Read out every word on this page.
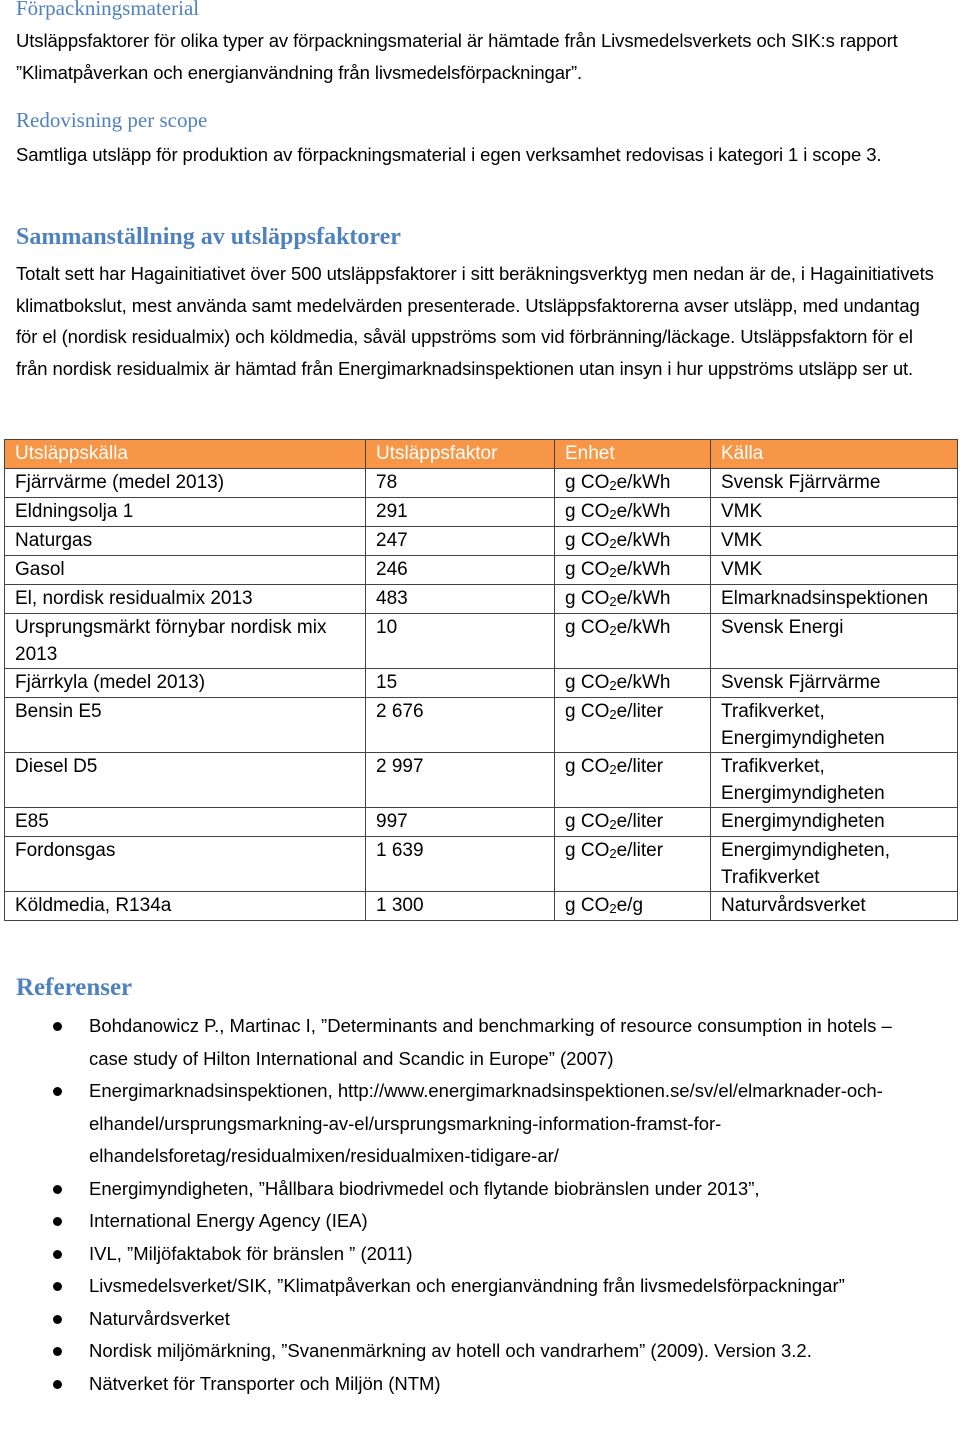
Förpackningsmaterial

Utsläppsfaktorer för olika typer av förpackningsmaterial är hämtade från Livsmedelsverkets och SIK:s rapport ”Klimatpåverkan och energianvändning från livsmedelsförpackningar”.

Redovisning per scope

Samtliga utsläpp för produktion av förpackningsmaterial i egen verksamhet redovisas i kategori 1 i scope 3.

Sammanställning av utsläppsfaktorer

Totalt sett har Hagainitiativet över 500 utsläppsfaktorer i sitt beräkningsverktyg men nedan är de, i Hagainitiativets klimatbokslut, mest använda samt medelvärden presenterade. Utsläppsfaktorerna avser utsläpp, med undantag för el (nordisk residualmix) och köldmedia, såväl uppströms som vid förbränning/läckage. Utsläppsfaktorn för el från nordisk residualmix är hämtad från Energimarknadsinspektionen utan insyn i hur uppströms utsläpp ser ut.

Utsläppskälla	Utsläppsfaktor	Enhet	Källa
Fjärrvärme (medel 2013)	78	g $CO_2e$/kWh	Svensk Fjärrvärme
Eldningsolja 1	291	g $CO_2e$/kWh	VMK
Naturgas	247	g $CO_2e$/kWh	VMK
Gasol	246	g $CO_2e$/kWh	VMK
El, nordisk residualmix 2013	483	g $CO_2e$/kWh	Elmarknadsinspektionen
Ursprungsmärkt förnybar nordisk mix 2013	10	g $CO_2e$/kWh	Svensk Energi
Fjärrkyla (medel 2013)	15	g $CO_2e$/kWh	Svensk Fjärrvärme
Bensin E5	2 676	g $CO_2e$/liter	Trafikverket, Energimyndigheten
Diesel D5	2 997	g $CO_2e$/liter	Trafikverket, Energimyndigheten
E85	997	g $CO_2e$/liter	Energimyndigheten
Fordonsgas	1 639	g $CO_2e$/liter	Energimyndigheten, Trafikverket
Köldmedia, R134a	1 300	g $CO_2e/g$	Naturvårdsverket
Referenser
Bohdanowicz P., Martinac I, ”Determinants and benchmarking of resource consumption in hotels – case study of Hilton International and Scandic in Europe” (2007)
Energimarknadsinspektionen, http://www.energimarknadsinspektionen.se/sv/el/elmarknader-och-elhandel/ursprungsmarkning-av-el/ursprungsmarkning-information-framst-for-elhandelsforetag/residualmixen/residualmixen-tidigare-ar/
Energimyndigheten, ”Hållbara biodrivmedel och flytande biobränslen under 2013”,
International Energy Agency (IEA)
IVL, ”Miljöfaktabok för bränslen ” (2011)
Livsmedelsverket/SIK, ”Klimatpåverkan och energianvändning från livsmedelsförpackningar”
Naturvårdsverket
Nordisk miljömärkning, ”Svanenmärkning av hotell och vandrarhem” (2009). Version 3.2.
Nätverket för Transporter och Miljön (NTM)
